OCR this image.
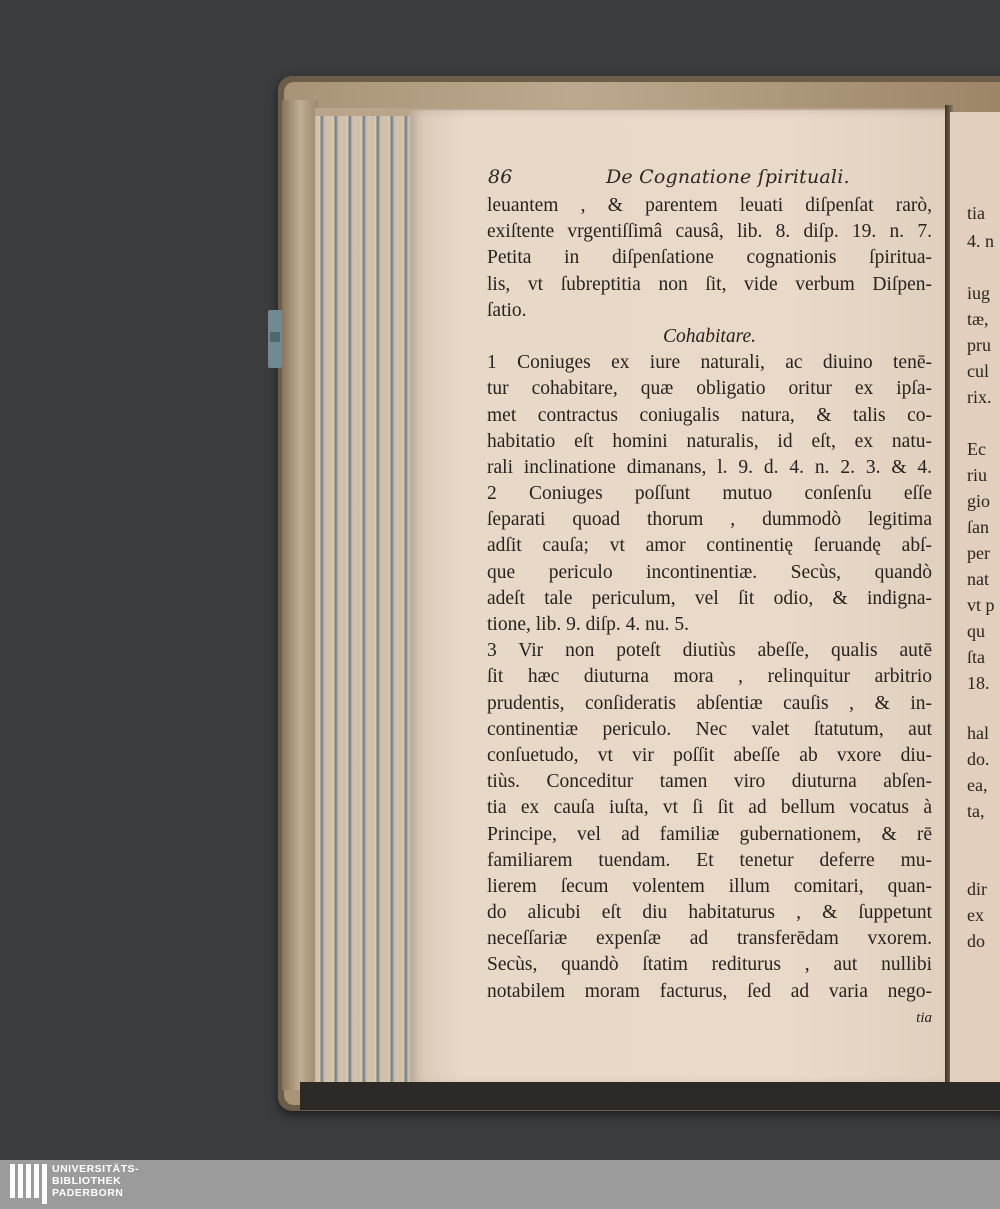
86	De Cognatione ſpirituali.
leuantem , & parentem leuati diſpenſat rarò,
exiſtente vrgentiſſimâ causâ, lib. 8. diſp. 19. n. 7.
Petita in diſpenſatione cognationis ſpiritua-
lis, vt ſubreptitia non ſit, vide verbum Diſpen-
ſatio.
Cohabitare.
1 Coniuges ex iure naturali, ac diuino tenē-
tur cohabitare, quæ obligatio oritur ex ipſa-
met contractus coniugalis natura, & talis co-
habitatio eſt homini naturalis, id eſt, ex natu-
rali inclinatione dimanans, l. 9. d. 4. n. 2. 3. & 4.
2 Coniuges poſſunt mutuo conſenſu eſſe
ſeparati quoad thorum , dummodò legitima
adſit cauſa; vt amor continentię ſeruandę abſ-
que periculo incontinentiæ. Secùs, quandò
adeſt tale periculum, vel ſit odio, & indigna-
tione, lib. 9. diſp. 4. nu. 5.
3 Vir non poteſt diutiùs abeſſe, qualis autē
ſit hæc diuturna mora , relinquitur arbitrio
prudentis, conſideratis abſentiæ cauſis , & in-
continentiæ periculo. Nec valet ſtatutum, aut
conſuetudo, vt vir poſſit abeſſe ab vxore diu-
tiùs. Conceditur tamen viro diuturna abſen-
tia ex cauſa iuſta, vt ſi ſit ad bellum vocatus à
Principe, vel ad familiæ gubernationem, & rē
familiarem tuendam. Et tenetur deferre mu-
lierem ſecum volentem illum comitari, quan-
do alicubi eſt diu habitaturus , & ſuppetunt
neceſſariæ expenſæ ad transferēdam vxorem.
Secùs, quandò ſtatim rediturus , aut nullibi
notabilem moram facturus, ſed ad varia nego-
tia
tia
4. n
iug
tæ,
pru
cul
rix.
Ec
riu
gio
ſan
per
nat
vt p
qu
ſta
18.
hal
do.
ea,
ta,
dir
ex
do
UNIVERSITÄTS-
BIBLIOTHEK
PADERBORN
